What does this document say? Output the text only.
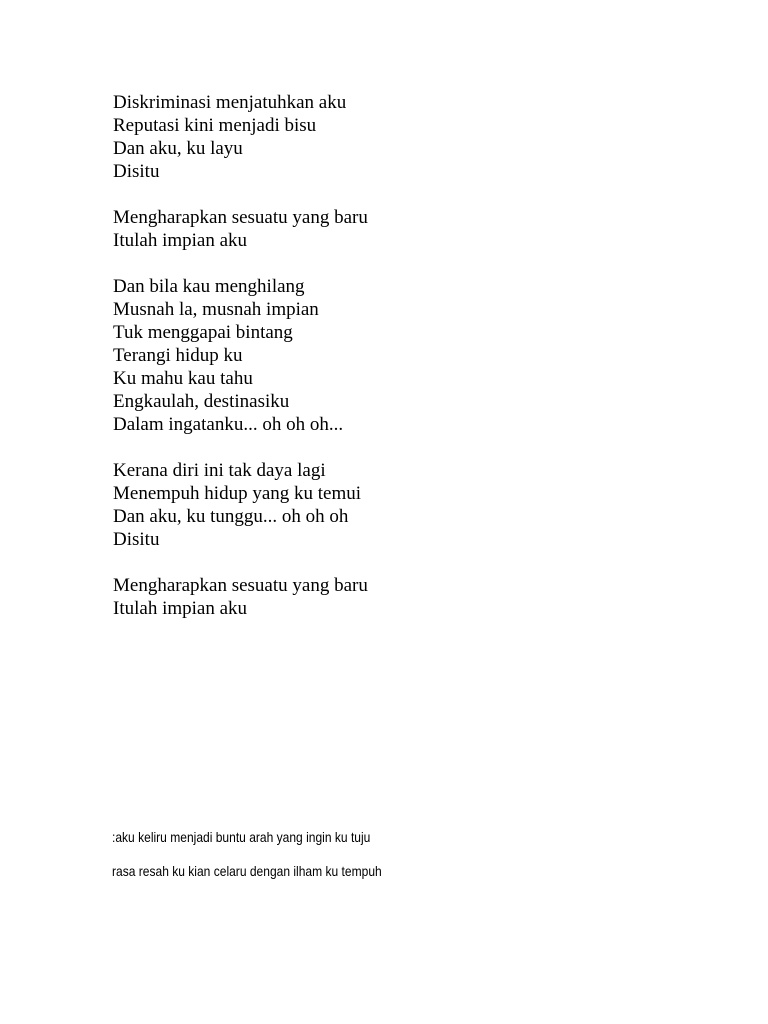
Diskriminasi menjatuhkan aku
Reputasi kini menjadi bisu
Dan aku, ku layu
Disitu
Mengharapkan sesuatu yang baru
Itulah impian aku
Dan bila kau menghilang
Musnah la, musnah impian
Tuk menggapai bintang
Terangi hidup ku
Ku mahu kau tahu
Engkaulah, destinasiku
Dalam ingatanku... oh oh oh...
Kerana diri ini tak daya lagi
Menempuh hidup yang ku temui
Dan aku, ku tunggu... oh oh oh
Disitu
Mengharapkan sesuatu yang baru
Itulah impian aku
:aku keliru menjadi buntu arah yang ingin ku tuju
rasa resah ku kian celaru dengan ilham ku tempuh
